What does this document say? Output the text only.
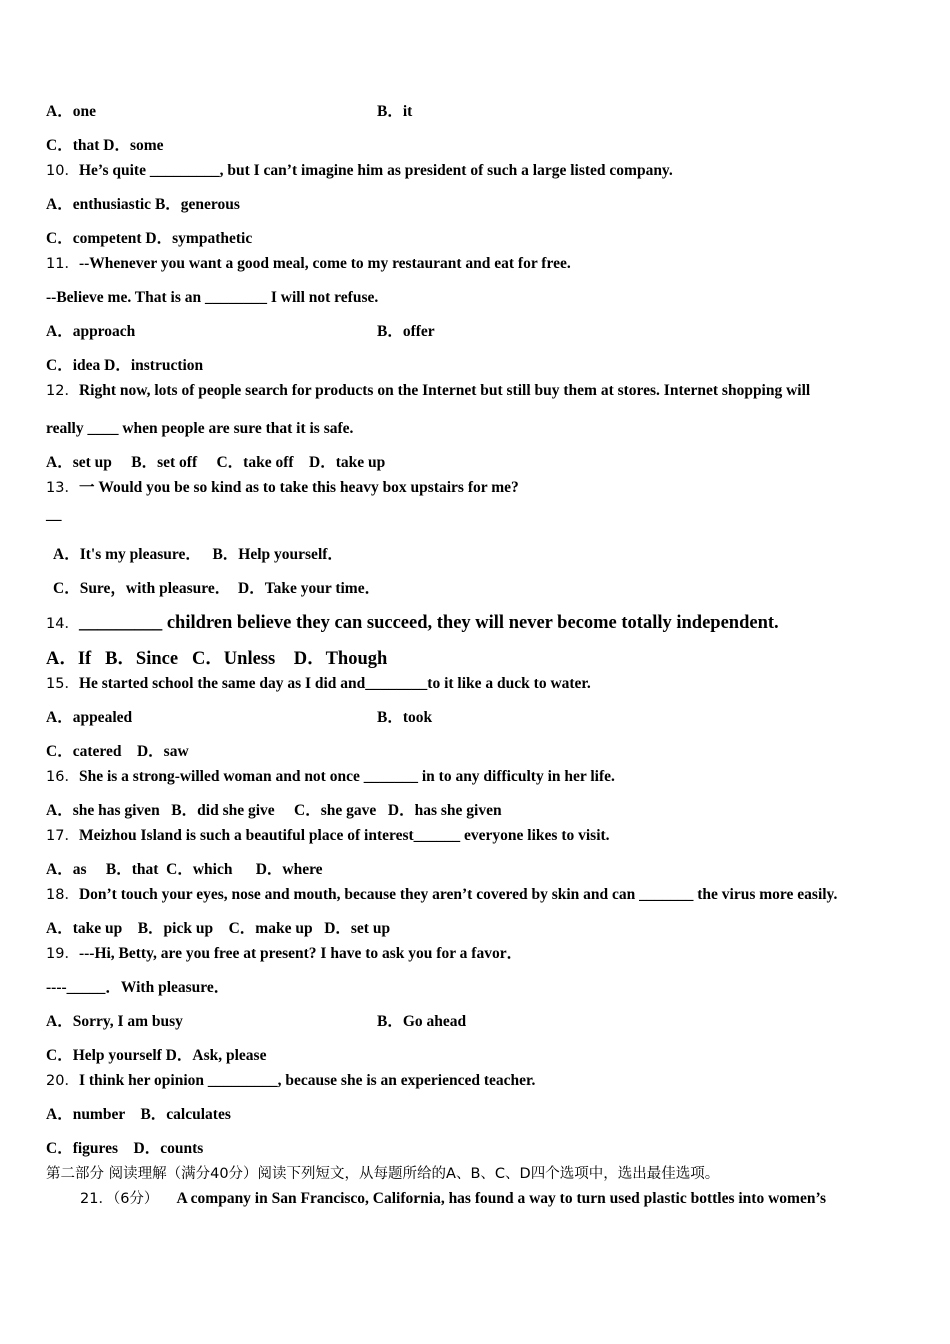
A．one	B．it
C．that D．some
10．He’s quite _________, but I can’t imagine him as president of such a large listed company.
A．enthusiastic B．generous
C．competent D．sympathetic
11．--Whenever you want a good meal, come to my restaurant and eat for free.
--Believe me. That is an ________ I will not refuse.
A．approach	B．offer
C．idea D．instruction
12．Right now, lots of people search for products on the Internet but still buy them at stores. Internet shopping will
really ____ when people are sure that it is safe.
A．set up     B．set off     C．take off    D．take up
13．一 Would you be so kind as to take this heavy box upstairs for me?
—
A．It's my pleasure．   B．Help yourself．
C．Sure，with pleasure．  D．Take your time．
14．_________ children believe they can succeed, they will never become totally independent.
A．If   B．Since   C．Unless    D．Though
15．He started school the same day as I did and________to it like a duck to water.
A．appealed	B．took
C．catered    D．saw
16．She is a strong-willed woman and not once _______ in to any difficulty in her life.
A．she has given   B．did she give     C．she gave   D．has she given
17．Meizhou Island is such a beautiful place of interest______ everyone likes to visit.
A．as     B．that  C．which      D．where
18．Don’t touch your eyes, nose and mouth, because they aren’t covered by skin and can _______ the virus more easily.
A．take up    B．pick up    C．make up   D．set up
19．---Hi, Betty, are you free at present? I have to ask you for a favor．
----_____．With pleasure．
A．Sorry, I am busy	B．Go ahead
C．Help yourself D．Ask, please
20．I think her opinion _________, because she is an experienced teacher.
A．number    B．calculates
C．figures    D．counts
第二部分 阅读理解（满分40分）阅读下列短文，从每题所给的A、B、C、D四个选项中，选出最佳选项。
21．（6分） A company in San Francisco, California, has found a way to turn used plastic bottles into women’s
